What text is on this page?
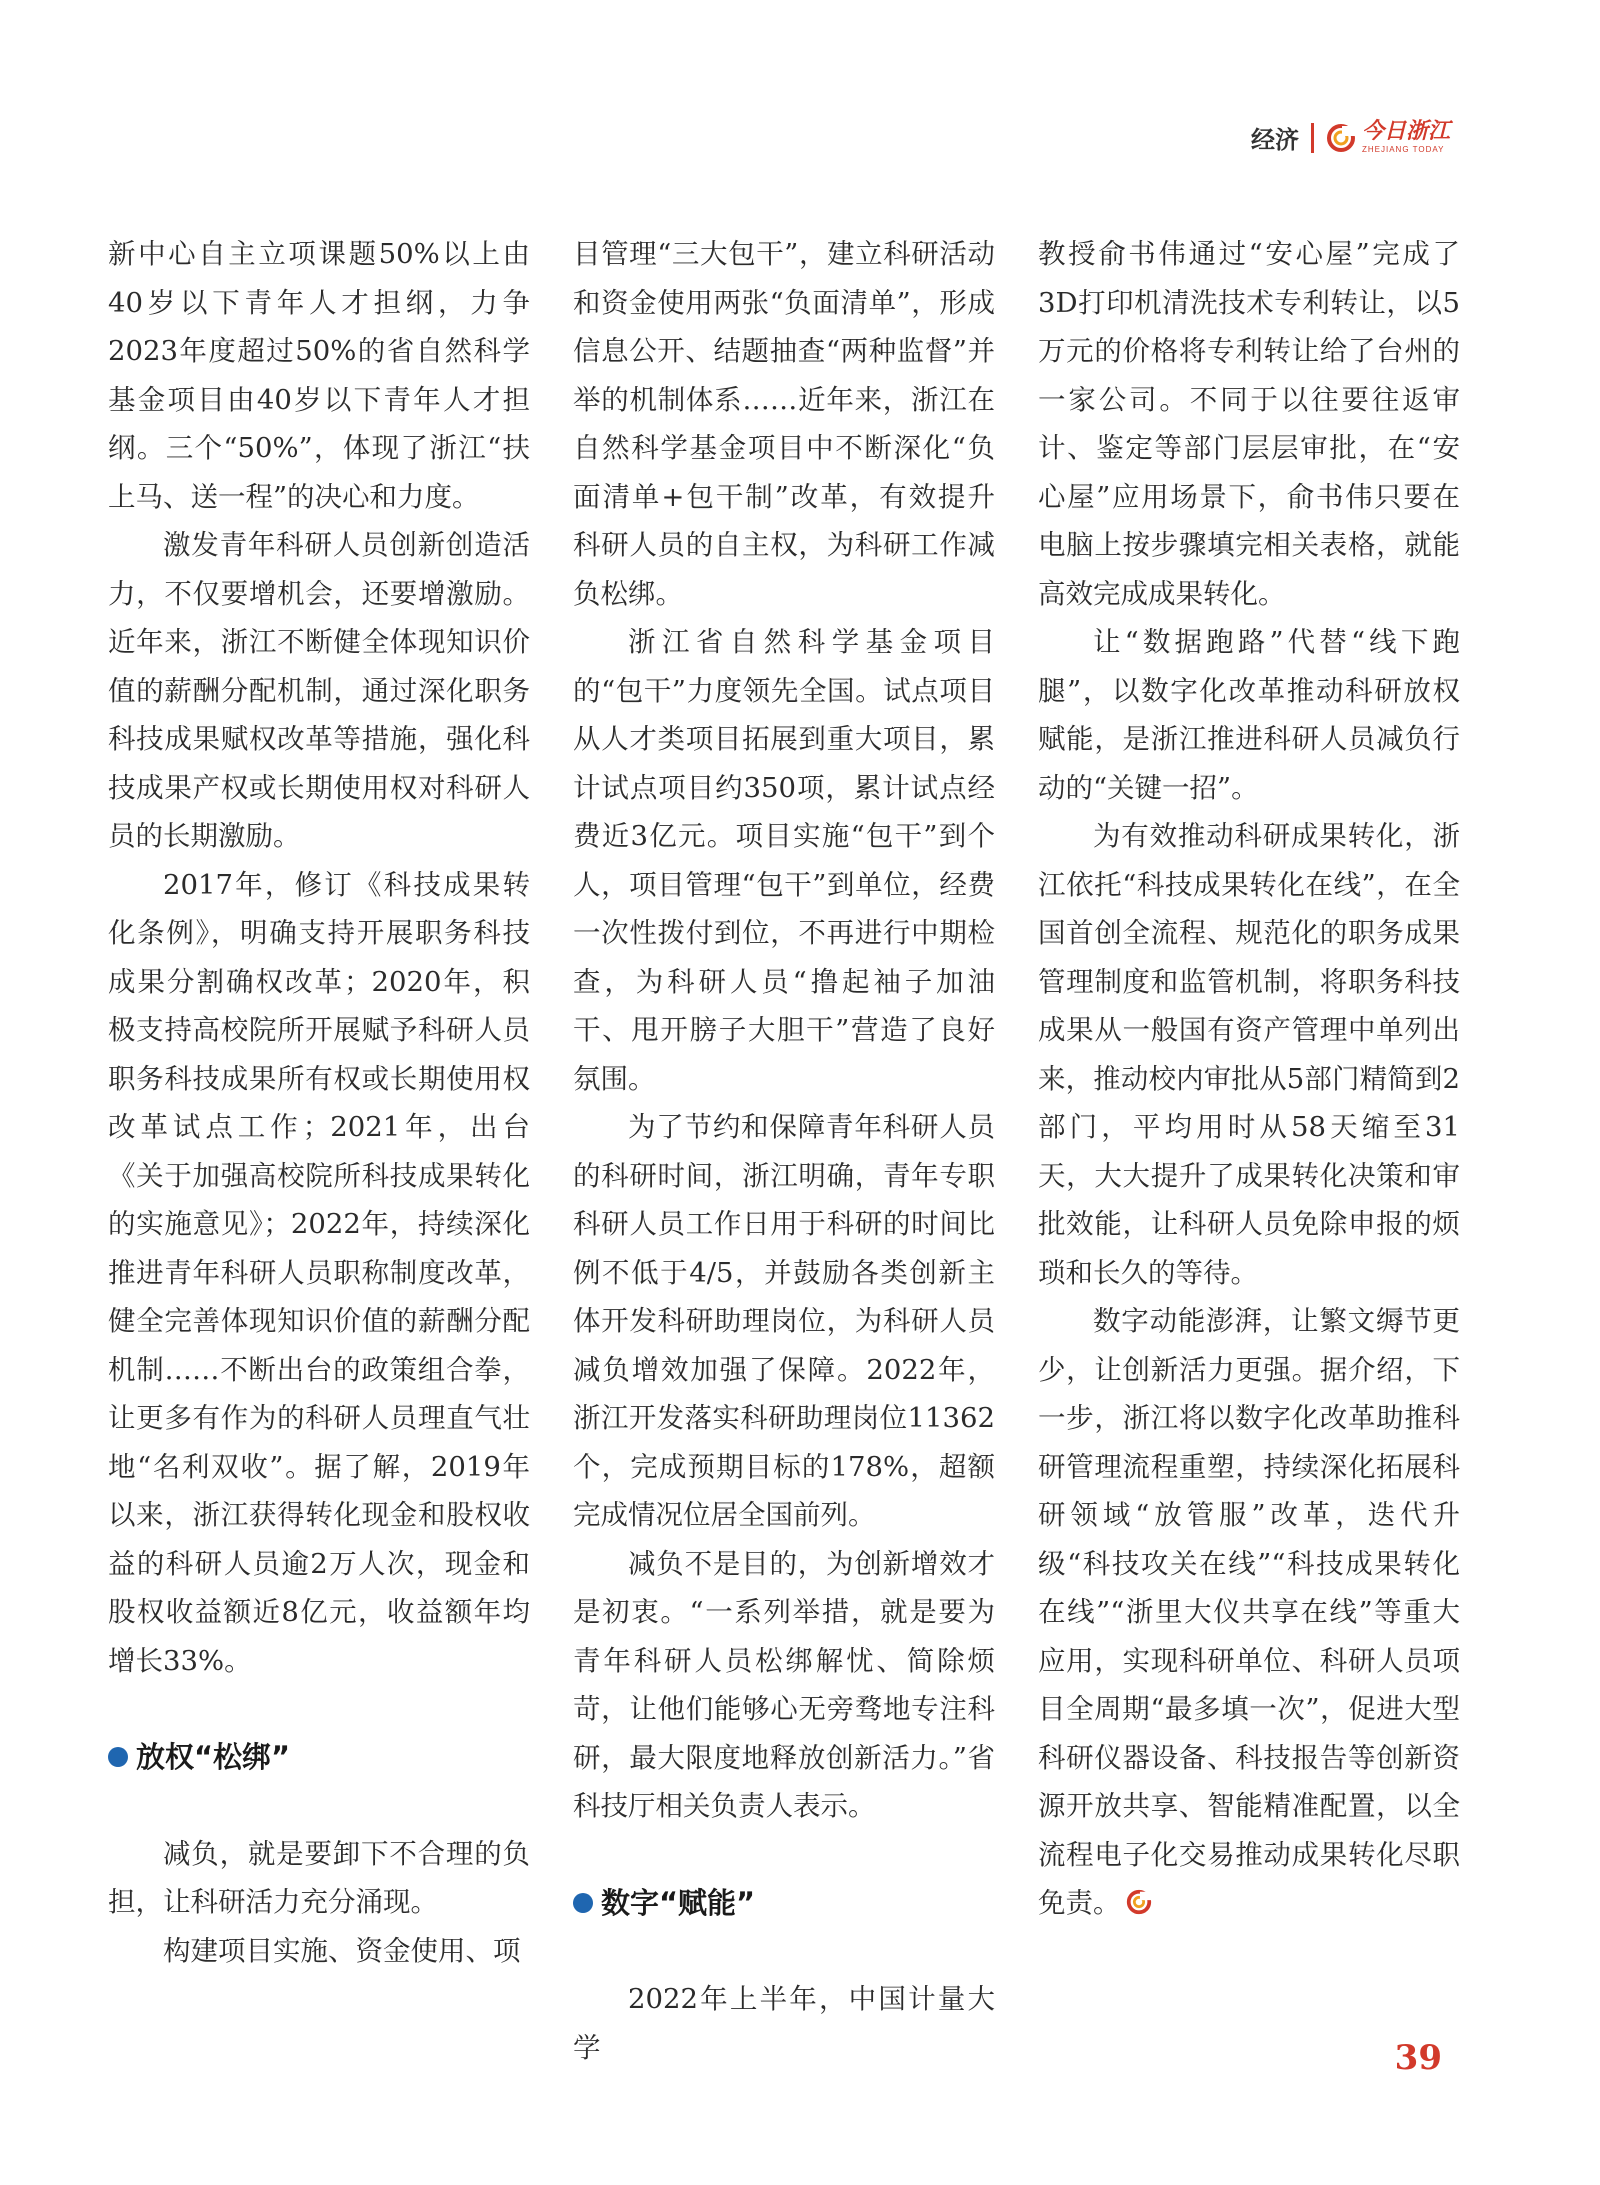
经济	今日浙江
ZHEJIANG TODAY

新中心自主立项课题50%以上由40岁以下青年人才担纲，力争2023年度超过50%的省自然科学基金项目由40岁以下青年人才担纲。三个“50%”，体现了浙江“扶上马、送一程”的决心和力度。

激发青年科研人员创新创造活力，不仅要增机会，还要增激励。近年来，浙江不断健全体现知识价值的薪酬分配机制，通过深化职务科技成果赋权改革等措施，强化科技成果产权或长期使用权对科研人员的长期激励。

2017年，修订《科技成果转化条例》，明确支持开展职务科技成果分割确权改革；2020年，积极支持高校院所开展赋予科研人员职务科技成果所有权或长期使用权改革试点工作；2021年，出台《关于加强高校院所科技成果转化的实施意见》；2022年，持续深化推进青年科研人员职称制度改革，健全完善体现知识价值的薪酬分配机制……不断出台的政策组合拳，让更多有作为的科研人员理直气壮地“名利双收”。据了解，2019年以来，浙江获得转化现金和股权收益的科研人员逾2万人次，现金和股权收益额近8亿元，收益额年均增长33%。

放权“松绑”

减负，就是要卸下不合理的负担，让科研活力充分涌现。

构建项目实施、资金使用、项

目管理“三大包干”，建立科研活动和资金使用两张“负面清单”，形成信息公开、结题抽查“两种监督”并举的机制体系……近年来，浙江在自然科学基金项目中不断深化“负面清单+包干制”改革，有效提升科研人员的自主权，为科研工作减负松绑。

浙江省自然科学基金项目的“包干”力度领先全国。试点项目从人才类项目拓展到重大项目，累计试点项目约350项，累计试点经费近3亿元。项目实施“包干”到个人，项目管理“包干”到单位，经费一次性拨付到位，不再进行中期检查，为科研人员“撸起袖子加油干、甩开膀子大胆干”营造了良好氛围。

为了节约和保障青年科研人员的科研时间，浙江明确，青年专职科研人员工作日用于科研的时间比例不低于4/5，并鼓励各类创新主体开发科研助理岗位，为科研人员减负增效加强了保障。2022年，浙江开发落实科研助理岗位11362个，完成预期目标的178%，超额完成情况位居全国前列。

减负不是目的，为创新增效才是初衷。“一系列举措，就是要为青年科研人员松绑解忧、简除烦苛，让他们能够心无旁骛地专注科研，最大限度地释放创新活力。”省科技厅相关负责人表示。

数字“赋能”

2022年上半年，中国计量大学

教授俞书伟通过“安心屋”完成了3D打印机清洗技术专利转让，以5万元的价格将专利转让给了台州的一家公司。不同于以往要往返审计、鉴定等部门层层审批，在“安心屋”应用场景下，俞书伟只要在电脑上按步骤填完相关表格，就能高效完成成果转化。

让“数据跑路”代替“线下跑腿”，以数字化改革推动科研放权赋能，是浙江推进科研人员减负行动的“关键一招”。

为有效推动科研成果转化，浙江依托“科技成果转化在线”，在全国首创全流程、规范化的职务成果管理制度和监管机制，将职务科技成果从一般国有资产管理中单列出来，推动校内审批从5部门精简到2部门，平均用时从58天缩至31天，大大提升了成果转化决策和审批效能，让科研人员免除申报的烦琐和长久的等待。

数字动能澎湃，让繁文缛节更少，让创新活力更强。据介绍，下一步，浙江将以数字化改革助推科研管理流程重塑，持续深化拓展科研领域“放管服”改革，迭代升级“科技攻关在线”“科技成果转化在线”“浙里大仪共享在线”等重大应用，实现科研单位、科研人员项目全周期“最多填一次”，促进大型科研仪器设备、科技报告等创新资源开放共享、智能精准配置，以全流程电子化交易推动成果转化尽职免责。

39
